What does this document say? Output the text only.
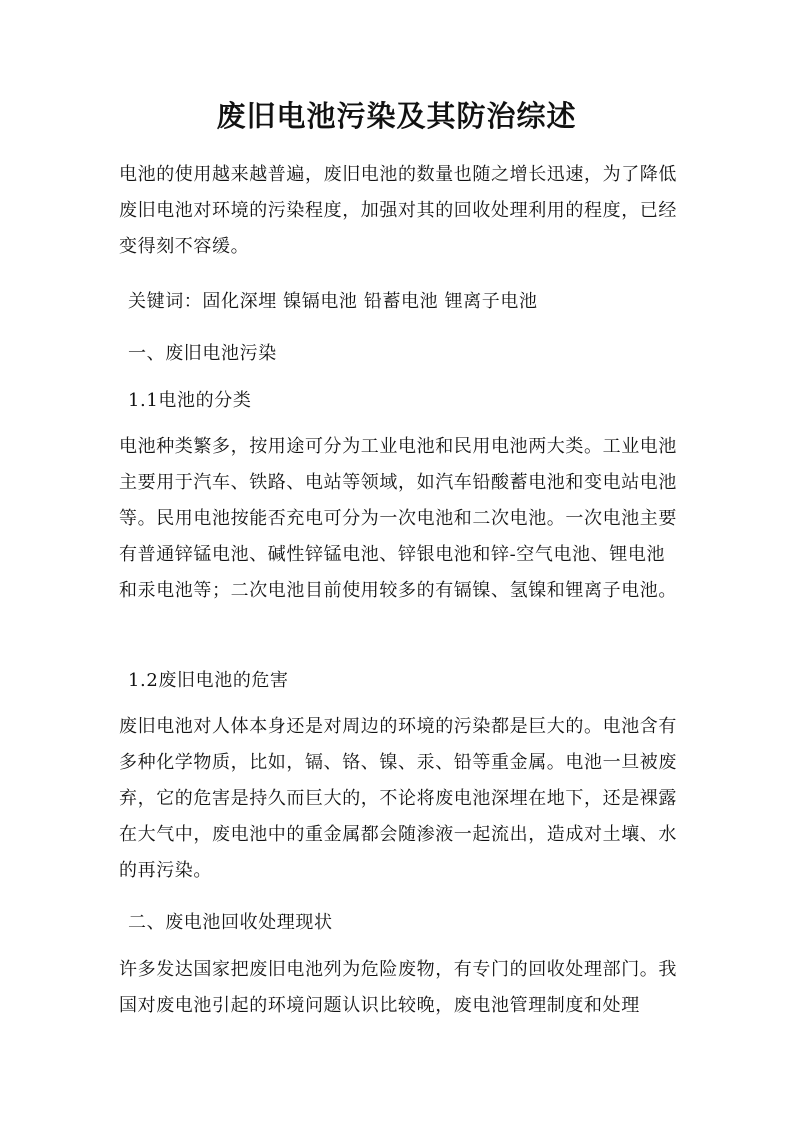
废旧电池污染及其防治综述
电池的使用越来越普遍，废旧电池的数量也随之增长迅速，为了降低废旧电池对环境的污染程度，加强对其的回收处理利用的程度，已经变得刻不容缓。
关键词：固化深埋 镍镉电池 铅蓄电池 锂离子电池
一、废旧电池污染
1.1电池的分类
电池种类繁多，按用途可分为工业电池和民用电池两大类。工业电池主要用于汽车、铁路、电站等领域，如汽车铅酸蓄电池和变电站电池等。民用电池按能否充电可分为一次电池和二次电池。一次电池主要有普通锌锰电池、碱性锌锰电池、锌银电池和锌-空气电池、锂电池和汞电池等；二次电池目前使用较多的有镉镍、氢镍和锂离子电池。
1.2废旧电池的危害
废旧电池对人体本身还是对周边的环境的污染都是巨大的。电池含有多种化学物质，比如，镉、铬、镍、汞、铅等重金属。电池一旦被废弃，它的危害是持久而巨大的，不论将废电池深埋在地下，还是裸露在大气中，废电池中的重金属都会随渗液一起流出，造成对土壤、水的再污染。
二、废电池回收处理现状
许多发达国家把废旧电池列为危险废物，有专门的回收处理部门。我国对废电池引起的环境问题认识比较晚，废电池管理制度和处理
